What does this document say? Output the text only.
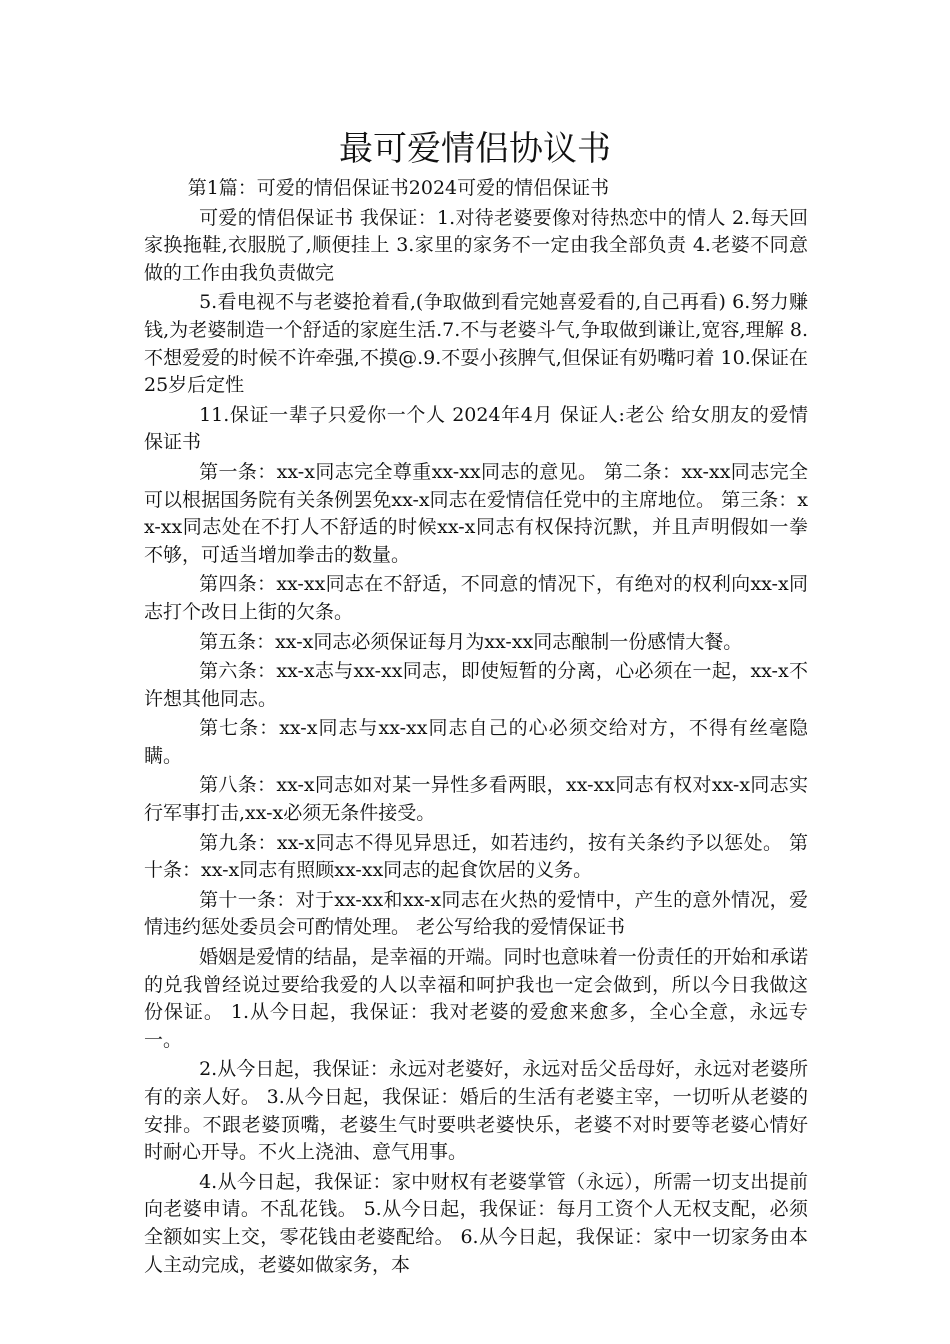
最可爱情侣协议书

第1篇：可爱的情侣保证书2024可爱的情侣保证书

可爱的情侣保证书 我保证：1.对待老婆要像对待热恋中的情人 2.每天回家换拖鞋,衣服脱了,顺便挂上 3.家里的家务不一定由我全部负责 4.老婆不同意做的工作由我负责做完

5.看电视不与老婆抢着看,(争取做到看完她喜爱看的,自己再看) 6.努力赚钱,为老婆制造一个舒适的家庭生活.7.不与老婆斗气,争取做到谦让,宽容,理解 8.不想爱爱的时候不许牵强,不摸@.9.不耍小孩脾气,但保证有奶嘴叼着 10.保证在25岁后定性

11.保证一辈子只爱你一个人 2024年4月 保证人:老公 给女朋友的爱情保证书

第一条：xx-x同志完全尊重xx-xx同志的意见。 第二条：xx-xx同志完全可以根据国务院有关条例罢免xx-x同志在爱情信任党中的主席地位。 第三条：xx-xx同志处在不打人不舒适的时候xx-x同志有权保持沉默，并且声明假如一拳不够，可适当增加拳击的数量。

第四条：xx-xx同志在不舒适，不同意的情况下，有绝对的权利向xx-x同志打个改日上街的欠条。

第五条：xx-x同志必须保证每月为xx-xx同志酿制一份感情大餐。

第六条：xx-x志与xx-xx同志，即使短暂的分离，心必须在一起，xx-x不许想其他同志。

第七条：xx-x同志与xx-xx同志自己的心必须交给对方，不得有丝毫隐瞒。

第八条：xx-x同志如对某一异性多看两眼，xx-xx同志有权对xx-x同志实行军事打击,xx-x必须无条件接受。

第九条：xx-x同志不得见异思迁，如若违约，按有关条约予以惩处。 第十条：xx-x同志有照顾xx-xx同志的起食饮居的义务。

第十一条：对于xx-xx和xx-x同志在火热的爱情中，产生的意外情况，爱情违约惩处委员会可酌情处理。 老公写给我的爱情保证书

婚姻是爱情的结晶，是幸福的开端。同时也意味着一份责任的开始和承诺的兑我曾经说过要给我爱的人以幸福和呵护我也一定会做到，所以今日我做这份保证。 1.从今日起，我保证：我对老婆的爱愈来愈多，全心全意，永远专一。

2.从今日起，我保证：永远对老婆好，永远对岳父岳母好，永远对老婆所有的亲人好。 3.从今日起，我保证：婚后的生活有老婆主宰，一切听从老婆的安排。不跟老婆顶嘴，老婆生气时要哄老婆快乐，老婆不对时要等老婆心情好时耐心开导。不火上浇油、意气用事。

4.从今日起，我保证：家中财权有老婆掌管（永远），所需一切支出提前向老婆申请。不乱花钱。 5.从今日起，我保证：每月工资个人无权支配，必须全额如实上交，零花钱由老婆配给。 6.从今日起，我保证：家中一切家务由本人主动完成，老婆如做家务，本
